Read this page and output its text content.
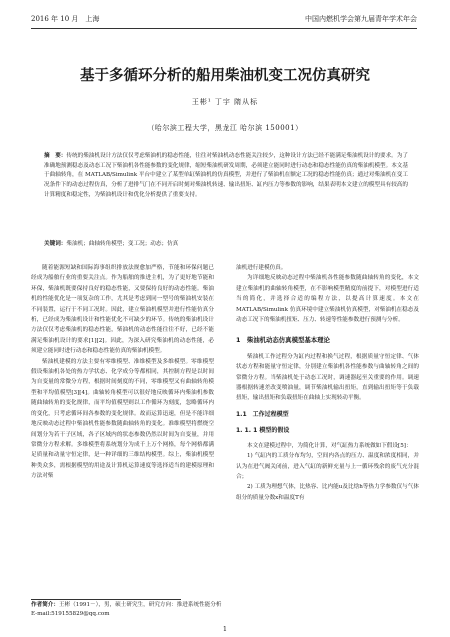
2016 年 10 月　上海	中国内燃机学会第九届青年学术年会
基于多循环分析的船用柴油机变工况仿真研究
王彬¹ 丁宇 隋从标
（哈尔滨工程大学，黑龙江 哈尔滨 150001）
摘　要：传统的柴油机设计方法仅仅考虑柴油机的稳态性能，往往对柴油机动态性能关注较少，这种设计方法已经不能满足柴油机设计的要求。为了准确地预测稳态及动态工况下柴油机各性能参数的变化规律，缩短柴油机研发周期，必须建立能同时进行动态和稳态性能仿真的柴油机模型。本文基于曲轴转角，在 MATLAB/Simulink 平台中建立了某型单缸柴油机的仿真模型，并进行了柴油机在额定工况的稳态性能仿真；通过对柴油机在变工况条件下的动态过程仿真，分析了进排气门在不同开启时刻对柴油机转速、输出扭矩、缸内压力等参数的影响，结果表明本文建立的模型具有较高的计算精度和稳定性，为柴油机设计和优化分析提供了重要支持。
关键词：柴油机；曲轴转角模型；变工况；动态；仿真

随着能源短缺和国际海事组织排放法规愈加严格，节能和环保问题已经成为船舶行业的重要关注点。作为船舶的推进主机，为了更好地节能和环保，柴油机既要保持良好的稳态性能，又要保持良好的动态性能。柴油机的性能优化是一项复杂的工作，尤其是考虑到同一型号的柴油机安装在不同装置，运行于不同工况时。因此，建立柴油机模型并进行性能仿真分析，已经成为柴油机设计和性能优化不可缺少的环节。传统的柴油机设计方法仅仅考虑柴油机的稳态性能，柴油机的动态性能往往不好，已经不能满足柴油机设计的要求[1][2]。因此，为深入研究柴油机的动态性能，必须建立能同时进行动态和稳态性能仿真的柴油机模型。

柴油机建模的方法主要有零维模型、准维模型及多维模型。零维模型假设柴油机各处的热力学状态、化学成分等都相同，其控制方程是以时间为自变量的常微分方程，根据时间刻度的不同，零维模型又有曲轴转角模型和平均值模型[3][4]。曲轴转角模型可以很好地反映循环内柴油机参数随曲轴转角的变化规律，而平均值模型则以工作循环为刻度，忽略循环内的变化，只考虑循环间各参数的变化规律。故而运算迅速，但是不能详细地反映动态过程中柴油机性能参数随曲轴转角的变化。准维模型将燃烧空间划分为若干子区域，各子区域内的状态参数仍然以时间为自变量，并用常微分方程求解。多维模型将系统划分为成千上万个网格，每个网格都满足质量和动量守恒定律，是一种详细的三维结构模型。综上，柴油机模型种类众多，需根据模型的用途及计算机运算速度等选择适当的建模原理和方法对柴

油机进行建模仿真。

为详细地反映动态过程中柴油机各性能参数随曲轴转角的变化，本文建立柴油机的曲轴转角模型，在不影响模型精度的前提下，对模型进行适当的简化，并选择合适的编程方法，以提高计算速度。本文在 MATLAB/Simulink 仿真环境中建立柴油机仿真模型，对柴油机在稳态及动态工况下的柴油机扭矩、压力、转速等性能参数进行预测与分析。

1　柴油机动态仿真模型基本理论

柴油机工作过程分为缸内过程和换气过程，根据质量守恒定律、气体状态方程和能量守恒定律，分别建立柴油机各性能参数与曲轴转角之间的常微分方程。当柴油机处于动态工况时，调速器起至关重要的作用。调速器根据转速差改变喷油量，调节柴油机输出扭矩，直到输出扭矩等于负载扭矩，输出扭矩和负载扭矩在曲轴上实现转动平衡。

1.1　工作过程模型
1. 1. 1 模型的假设

本文在建模过程中，为简化计算，对气缸热力系统做如下假设[5]：

1) 气缸内的工质分布均匀，空间内各点的压力、温度和浓度相同，并认为在进气阀关闭前，进入气缸的新鲜充量与上一循环残余的废气充分混合；

2) 工质为理想气体，比热容、比内能u及比焓h等热力学参数仅与气体组分的质量分数x和温度T有

作者简介：王彬（1991－），男，硕士研究生，研究方向：推进系统性能分析
E-mail:519155829@qq.com
1
